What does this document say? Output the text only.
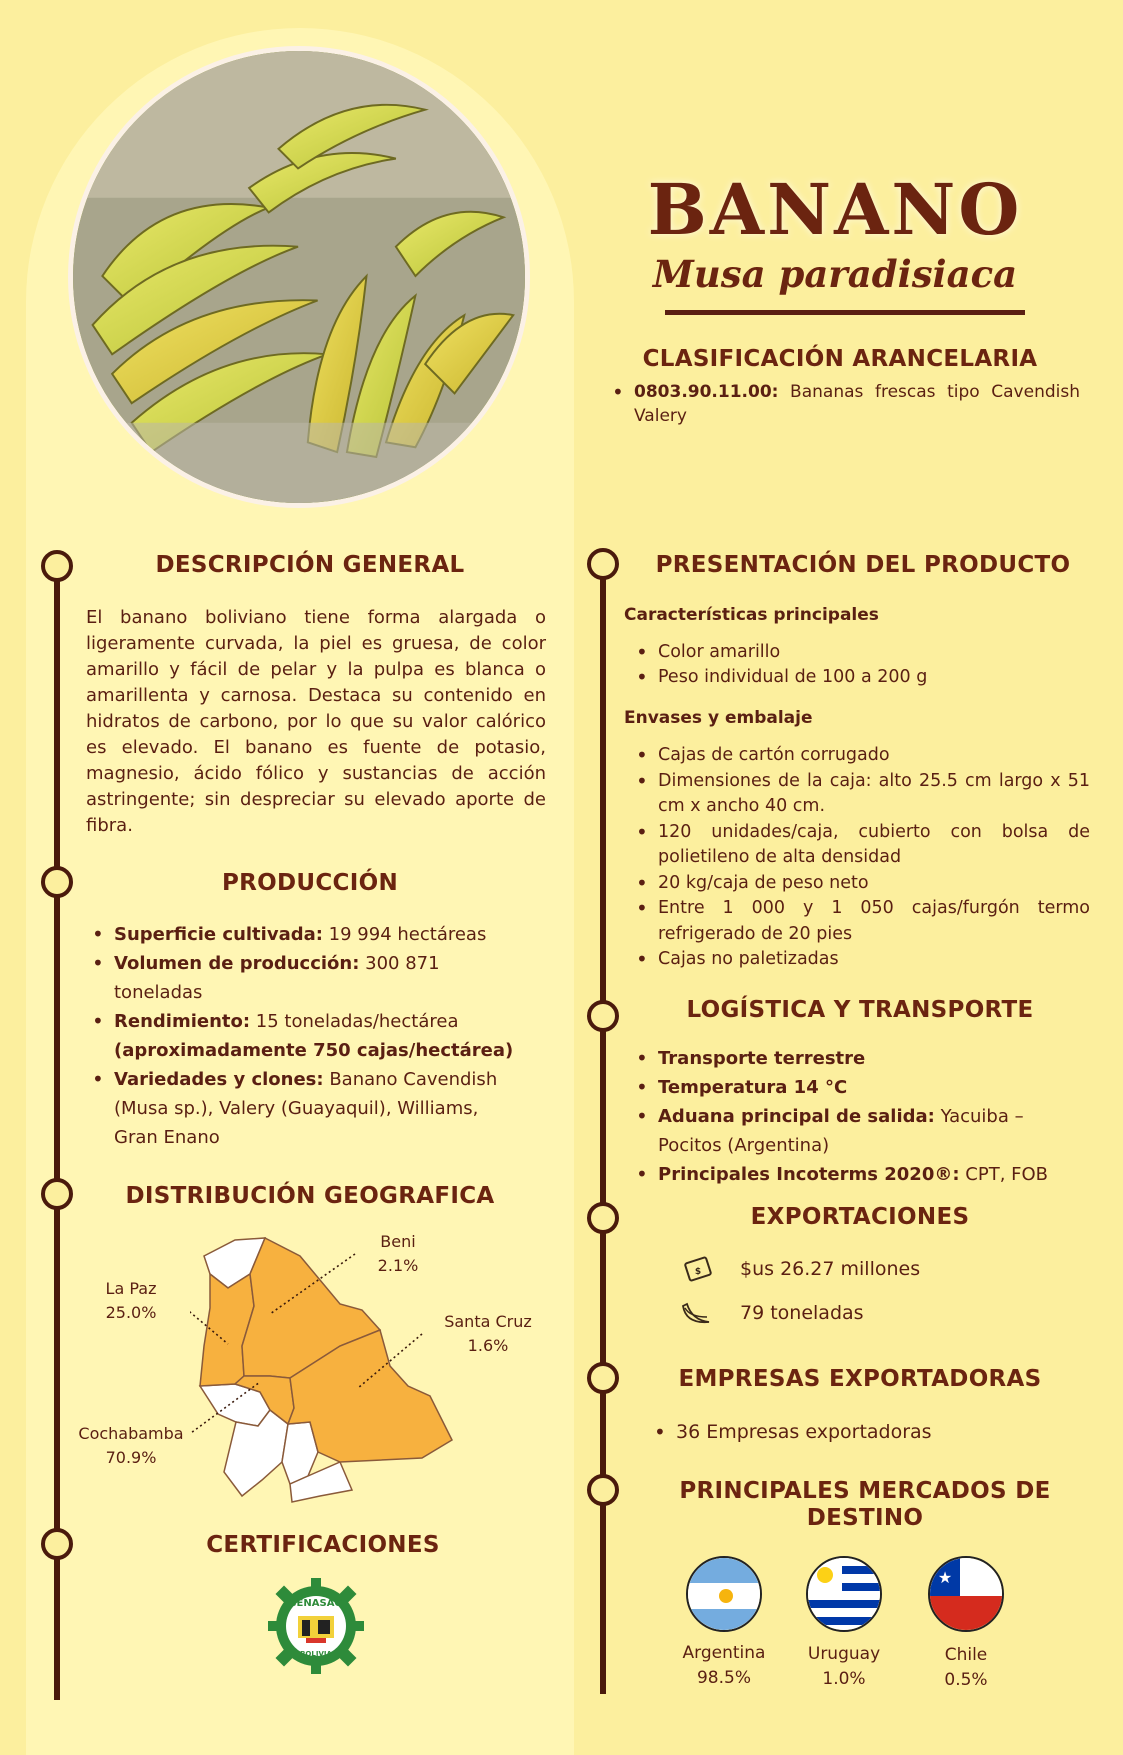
BANANO
Musa paradisiaca
CLASIFICACIÓN ARANCELARIA
• 0803.90.11.00: Bananas frescas tipo Cavendish Valery
DESCRIPCIÓN GENERAL

El banano boliviano tiene forma alargada o ligeramente curvada, la piel es gruesa, de color amarillo y fácil de pelar y la pulpa es blanca o amarillenta y carnosa. Destaca su contenido en hidratos de carbono, por lo que su valor calórico es elevado. El banano es fuente de potasio, magnesio, ácido fólico y sustancias de acción astringente; sin despreciar su elevado aporte de fibra.

PRODUCCIÓN
• Superficie cultivada: 19 994 hectáreas
• Volumen de producción: 300 871 toneladas
• Rendimiento: 15 toneladas/hectárea
(aproximadamente 750 cajas/hectárea)
• Variedades y clones: Banano Cavendish (Musa sp.), Valery (Guayaquil), Williams, Gran Enano
DISTRIBUCIÓN GEOGRAFICA
Beni
2.1%
La Paz
25.0%	Santa Cruz
1.6%
Cochabamba
70.9%
CERTIFICACIONES
SENASAG
BOLIVIA
PRESENTACIÓN DEL PRODUCTO
Características principales
• Color amarillo
• Peso individual de 100 a 200 g
Envases y embalaje
• Cajas de cartón corrugado
• Dimensiones de la caja: alto 25.5 cm largo x 51 cm x ancho 40 cm.
• 120 unidades/caja, cubierto con bolsa de polietileno de alta densidad
• 20 kg/caja de peso neto
• Entre 1 000 y 1 050 cajas/furgón termo refrigerado de 20 pies
• Cajas no paletizadas
LOGÍSTICA Y TRANSPORTE
• Transporte terrestre
• Temperatura 14 °C
• Aduana principal de salida: Yacuiba – Pocitos (Argentina)
• Principales Incoterms 2020®: CPT, FOB
EXPORTACIONES
$ $us 26.27 millones
79 toneladas
EMPRESAS EXPORTADORAS
• 36 Empresas exportadoras
PRINCIPALES MERCADOS DE
DESTINO
★
Argentina
98.5%
Uruguay
1.0%
Chile
0.5%
